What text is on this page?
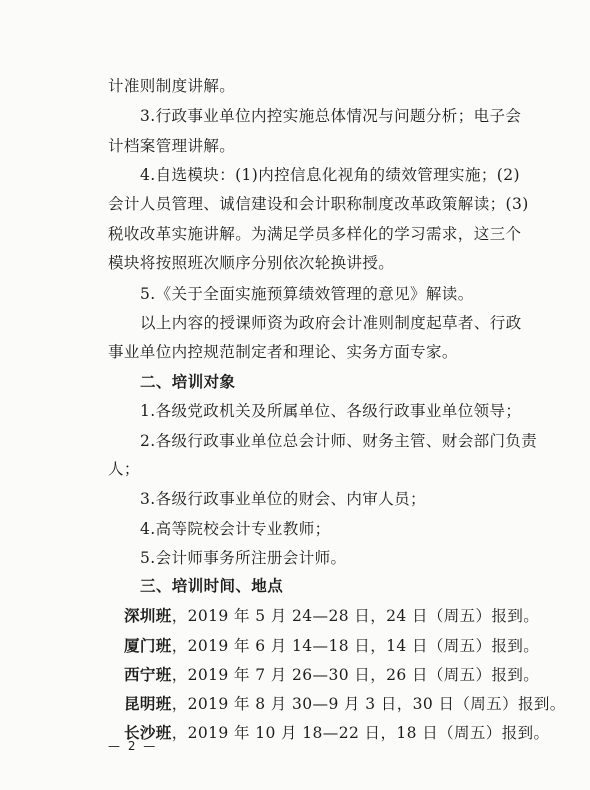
计准则制度讲解。
3.行政事业单位内控实施总体情况与问题分析；电子会
计档案管理讲解。
4.自选模块：(1)内控信息化视角的绩效管理实施；(2)
会计人员管理、诚信建设和会计职称制度改革政策解读；(3)
税收改革实施讲解。为满足学员多样化的学习需求，这三个
模块将按照班次顺序分别依次轮换讲授。
5.《关于全面实施预算绩效管理的意见》解读。
以上内容的授课师资为政府会计准则制度起草者、行政
事业单位内控规范制定者和理论、实务方面专家。
二、培训对象
1.各级党政机关及所属单位、各级行政事业单位领导；
2.各级行政事业单位总会计师、财务主管、财会部门负责
人；
3.各级行政事业单位的财会、内审人员；
4.高等院校会计专业教师；
5.会计师事务所注册会计师。
三、培训时间、地点
深圳班，2019 年 5 月 24—28 日，24 日（周五）报到。
厦门班，2019 年 6 月 14—18 日，14 日（周五）报到。
西宁班，2019 年 7 月 26—30 日，26 日（周五）报到。
昆明班，2019 年 8 月 30—9 月 3 日，30 日（周五）报到。
长沙班，2019 年 10 月 18—22 日，18 日（周五）报到。
— 2 —
